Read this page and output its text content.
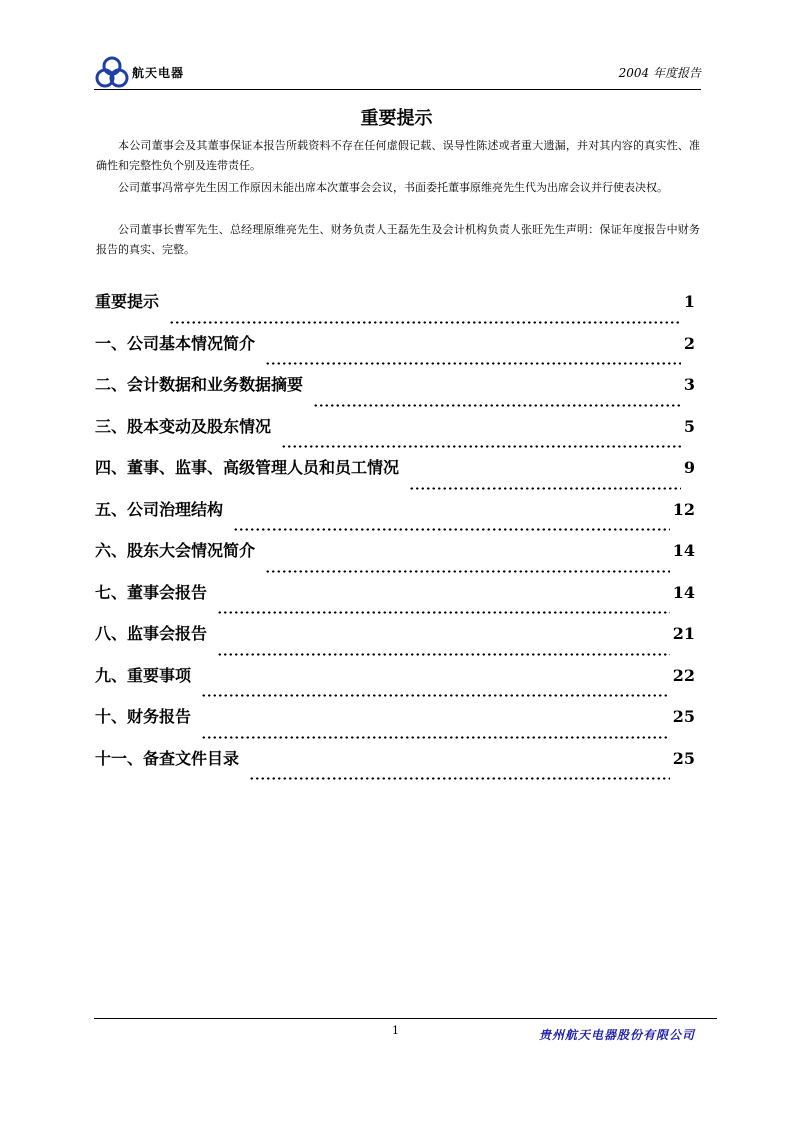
航天电器	2004 年度报告
重要提示

本公司董事会及其董事保证本报告所载资料不存在任何虚假记载、误导性陈述或者重大遗漏，并对其内容的真实性、准确性和完整性负个别及连带责任。

公司董事冯常亭先生因工作原因未能出席本次董事会会议，书面委托董事原维亮先生代为出席会议并行使表决权。

公司董事长曹军先生、总经理原维亮先生、财务负责人王磊先生及会计机构负责人张旺先生声明：保证年度报告中财务报告的真实、完整。

重要提示	1
一、公司基本情况简介	2
二、会计数据和业务数据摘要	3
三、股本变动及股东情况	5
四、董事、监事、高级管理人员和员工情况	9
五、公司治理结构	12
六、股东大会情况简介	14
七、董事会报告	14
八、监事会报告	21
九、重要事项	22
十、财务报告	25
十一、备查文件目录	25
1	贵州航天电器股份有限公司
